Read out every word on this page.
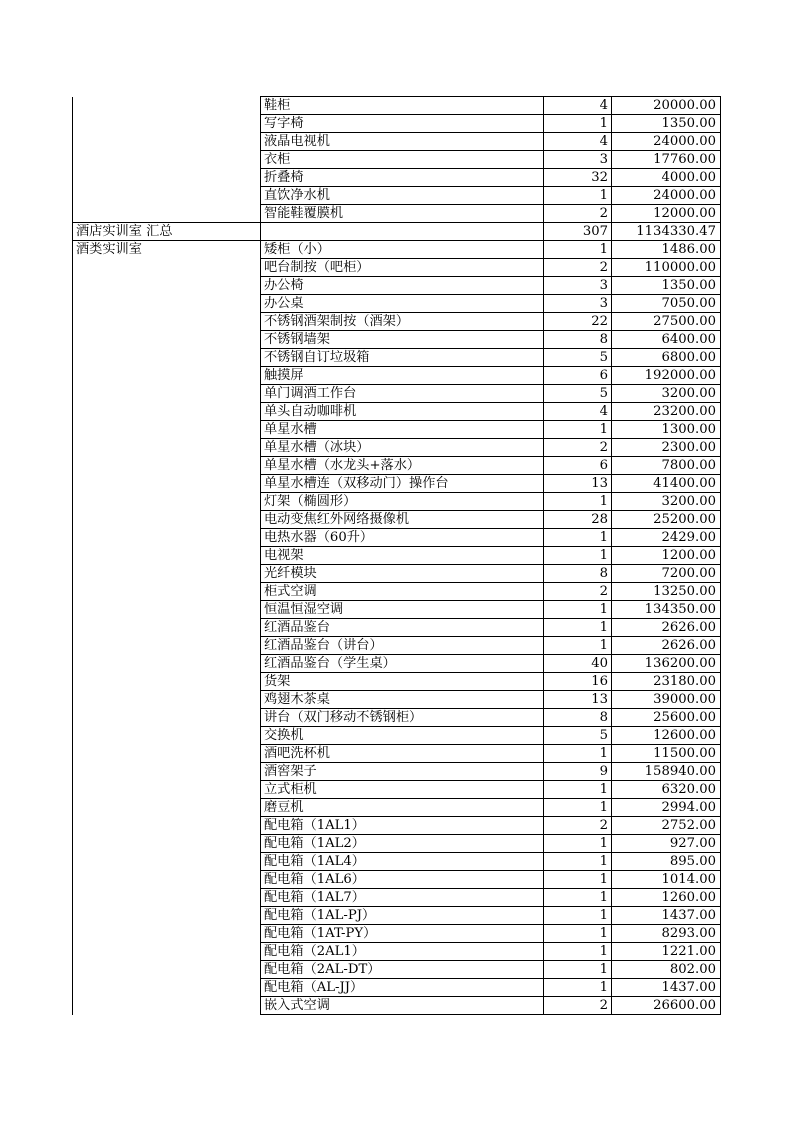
	鞋柜	4	20000.00
	写字椅	1	1350.00
	液晶电视机	4	24000.00
	衣柜	3	17760.00
	折叠椅	32	4000.00
	直饮净水机	1	24000.00
	智能鞋覆膜机	2	12000.00
酒店实训室 汇总		307	1134330.47
酒类实训室	矮柜（小）	1	1486.00
	吧台制按（吧柜）	2	110000.00
	办公椅	3	1350.00
	办公桌	3	7050.00
	不锈钢酒架制按（酒架）	22	27500.00
	不锈钢墙架	8	6400.00
	不锈钢自订垃圾箱	5	6800.00
	触摸屏	6	192000.00
	单门调酒工作台	5	3200.00
	单头自动咖啡机	4	23200.00
	单星水槽	1	1300.00
	单星水槽（冰块）	2	2300.00
	单星水槽（水龙头+落水）	6	7800.00
	单星水槽连（双移动门）操作台	13	41400.00
	灯架（椭圆形）	1	3200.00
	电动变焦红外网络摄像机	28	25200.00
	电热水器（60升）	1	2429.00
	电视架	1	1200.00
	光纤模块	8	7200.00
	柜式空调	2	13250.00
	恒温恒湿空调	1	134350.00
	红酒品鉴台	1	2626.00
	红酒品鉴台（讲台）	1	2626.00
	红酒品鉴台（学生桌）	40	136200.00
	货架	16	23180.00
	鸡翅木茶桌	13	39000.00
	讲台（双门移动不锈钢柜）	8	25600.00
	交换机	5	12600.00
	酒吧洗杯机	1	11500.00
	酒窖架子	9	158940.00
	立式柜机	1	6320.00
	磨豆机	1	2994.00
	配电箱（1AL1）	2	2752.00
	配电箱（1AL2）	1	927.00
	配电箱（1AL4）	1	895.00
	配电箱（1AL6）	1	1014.00
	配电箱（1AL7）	1	1260.00
	配电箱（1AL-PJ）	1	1437.00
	配电箱（1AT-PY）	1	8293.00
	配电箱（2AL1）	1	1221.00
	配电箱（2AL-DT）	1	802.00
	配电箱（AL-JJ）	1	1437.00
	嵌入式空调	2	26600.00
